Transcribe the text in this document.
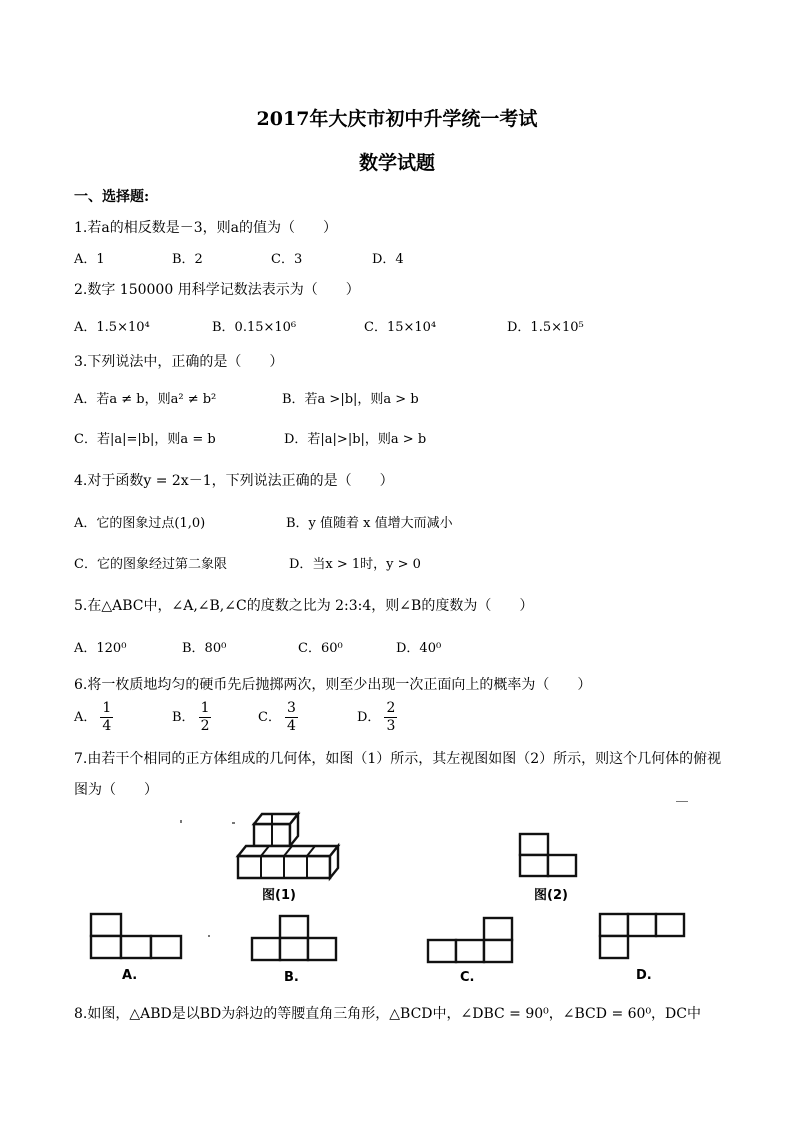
2017年大庆市初中升学统一考试
数学试题
一、选择题:
1.若a的相反数是－3，则a的值为（　　）
A．1	B．2	C．3	D．4
2.数字 150000 用科学记数法表示为（　　）
A．1.5×10⁴	B．0.15×10⁶	C．15×10⁴	D．1.5×10⁵
3.下列说法中，正确的是（　　）
A．若a ≠ b，则a² ≠ b²	B．若a >|b|，则a > b
C．若|a|=|b|，则a = b	D．若|a|>|b|，则a > b
4.对于函数y = 2x－1，下列说法正确的是（　　）
A．它的图象过点(1,0)	B．y 值随着 x 值增大而减小
C．它的图象经过第二象限	D．当x > 1时，y > 0
5.在△ABC中，∠A,∠B,∠C的度数之比为 2:3:4，则∠B的度数为（　　）
A．120⁰	B．80⁰	C．60⁰	D．40⁰
6.将一枚质地均匀的硬币先后抛掷两次，则至少出现一次正面向上的概率为（　　）
A． $\frac{1}{4}$	B． $\frac{1}{2}$	C． $\frac{3}{4}$	D． $\frac{2}{3}$
7.由若干个相同的正方体组成的几何体，如图（1）所示，其左视图如图（2）所示，则这个几何体的俯视
图为（　　）
图(1)	图(2)
A.	B.	C.	D.
8.如图，△ABD是以BD为斜边的等腰直角三角形，△BCD中，∠DBC = 90⁰，∠BCD = 60⁰，DC中
